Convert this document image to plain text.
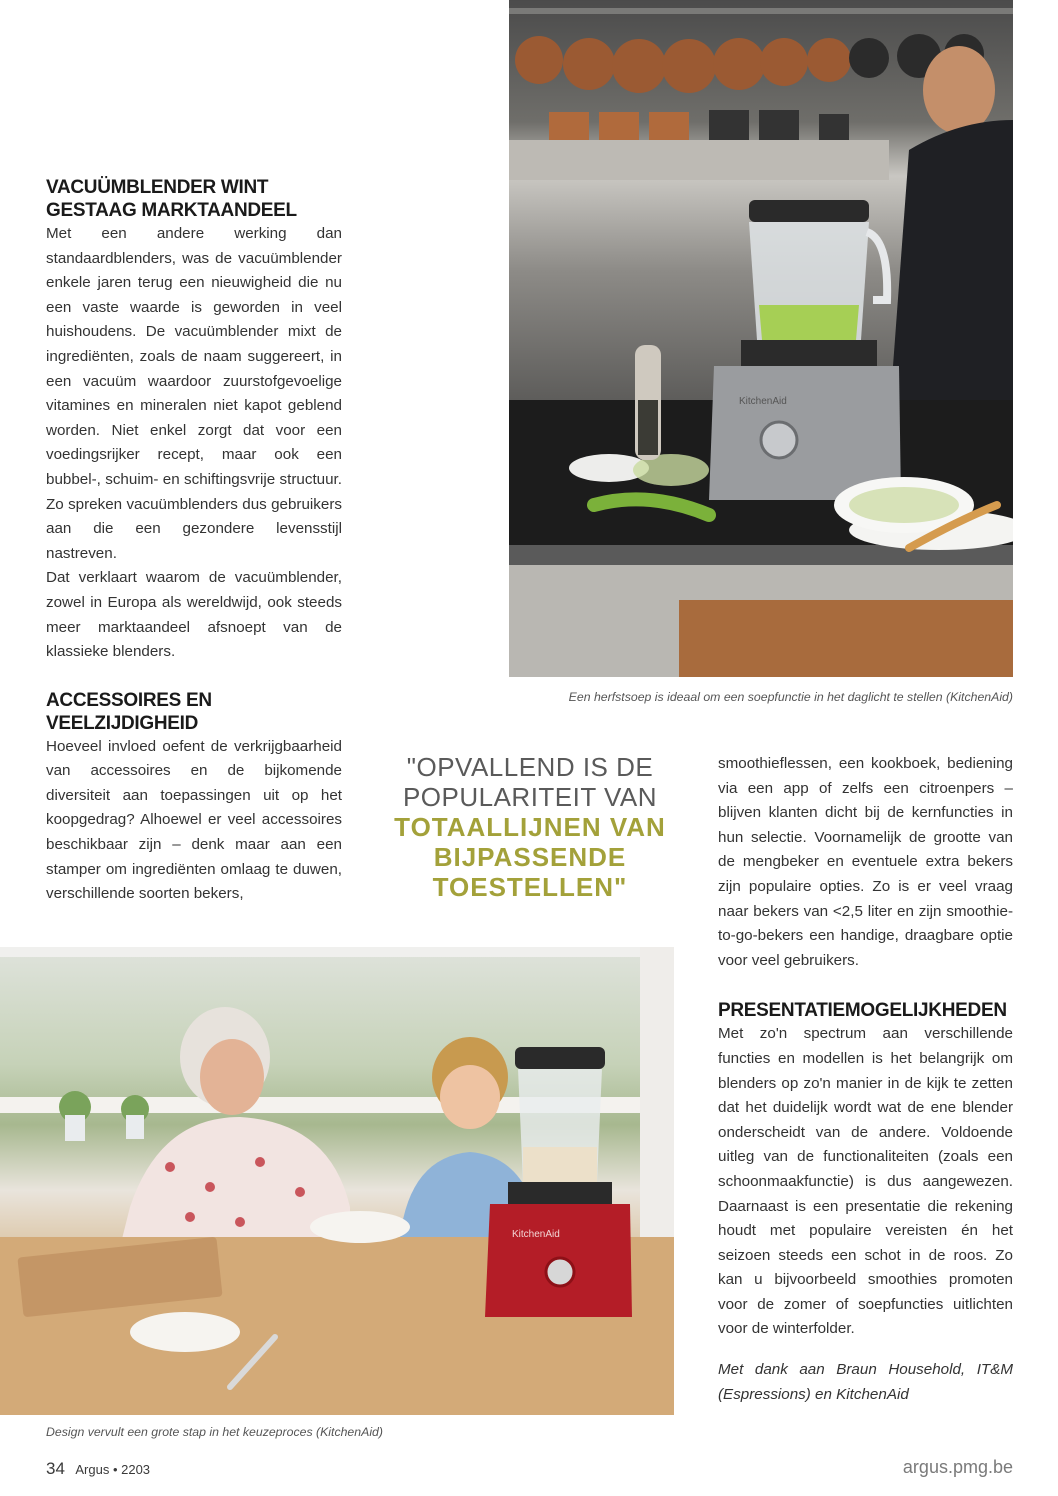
VACUÜMBLENDER WINT GESTAAG MARKTAANDEEL

Met een andere werking dan standaardblenders, was de vacuümblender enkele jaren terug een nieuwigheid die nu een vaste waarde is geworden in veel huishoudens. De vacuümblender mixt de ingrediënten, zoals de naam suggereert, in een vacuüm waardoor zuurstofgevoelige vitamines en mineralen niet kapot geblend worden. Niet enkel zorgt dat voor een voedingsrijker recept, maar ook een bubbel-, schuim- en schiftingsvrije structuur. Zo spreken vacuümblenders dus gebruikers aan die een gezondere levensstijl nastreven.

Dat verklaart waarom de vacuümblender, zowel in Europa als wereldwijd, ook steeds meer marktaandeel afsnoept van de klassieke blenders.

ACCESSOIRES EN VEELZIJDIGHEID

Hoeveel invloed oefent de verkrijgbaarheid van accessoires en de bijkomende diversiteit aan toepassingen uit op het koopgedrag? Alhoewel er veel accessoires beschikbaar zijn – denk maar aan een stamper om ingrediënten omlaag te duwen, verschillende soorten bekers,

KitchenAid
Een herfstsoep is ideaal om een soepfunctie in het daglicht te stellen (KitchenAid)
"OPVALLEND IS DE POPULARITEIT VAN
TOTAALLIJNEN VAN BIJPASSENDE TOESTELLEN"

smoothieflessen, een kookboek, bediening via een app of zelfs een citroenpers – blijven klanten dicht bij de kernfuncties in hun selectie. Voornamelijk de grootte van de mengbeker en eventuele extra bekers zijn populaire opties. Zo is er veel vraag naar bekers van <2,5 liter en zijn smoothie-to-go-bekers een handige, draagbare optie voor veel gebruikers.

PRESENTATIEMOGELIJKHEDEN

Met zo'n spectrum aan verschillende functies en modellen is het belangrijk om blenders op zo'n manier in de kijk te zetten dat het duidelijk wordt wat de ene blender onderscheidt van de andere. Voldoende uitleg van de functionaliteiten (zoals een schoonmaakfunctie) is dus aangewezen. Daarnaast is een presentatie die rekening houdt met populaire vereisten én het seizoen steeds een schot in de roos. Zo kan u bijvoorbeeld smoothies promoten voor de zomer of soepfuncties uitlichten voor de winterfolder.

Met dank aan Braun Household, IT&M (Espressions) en KitchenAid

KitchenAid
Design vervult een grote stap in het keuzeproces (KitchenAid)
34 Argus • 2203	argus.pmg.be
